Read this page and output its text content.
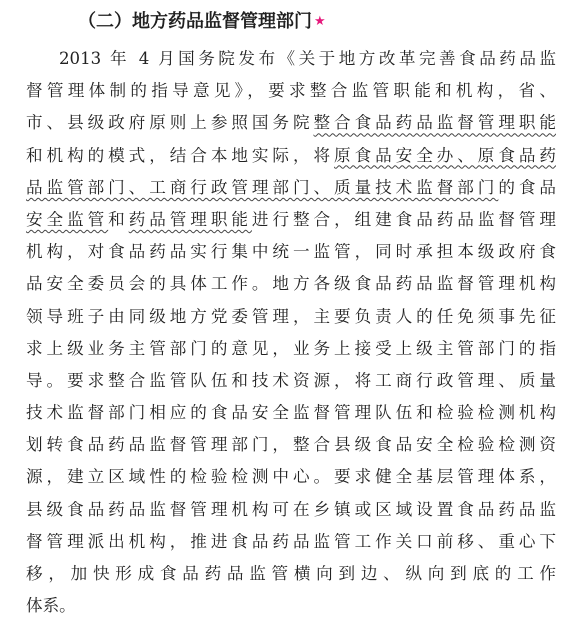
（二）地方药品监督管理部门 ★
2013 年 4 月国务院发布《关于地方改革完善食品药品监
督管理体制的指导意见》，要求整合监管职能和机构，省、
市、县级政府原则上参照国务院整合食品药品监督管理职能
和机构的模式，结合本地实际，将原食品安全办、原食品药
品监管部门、工商行政管理部门、质量技术监督部门的食品
安全监管和药品管理职能进行整合，组建食品药品监督管理
机构，对食品药品实行集中统一监管，同时承担本级政府食
品安全委员会的具体工作。地方各级食品药品监督管理机构
领导班子由同级地方党委管理，主要负责人的任免须事先征
求上级业务主管部门的意见，业务上接受上级主管部门的指
导。要求整合监管队伍和技术资源，将工商行政管理、质量
技术监督部门相应的食品安全监督管理队伍和检验检测机构
划转食品药品监督管理部门，整合县级食品安全检验检测资
源，建立区域性的检验检测中心。要求健全基层管理体系，
县级食品药品监督管理机构可在乡镇或区域设置食品药品监
督管理派出机构，推进食品药品监管工作关口前移、重心下
移，加快形成食品药品监管横向到边、纵向到底的工作
体系。
